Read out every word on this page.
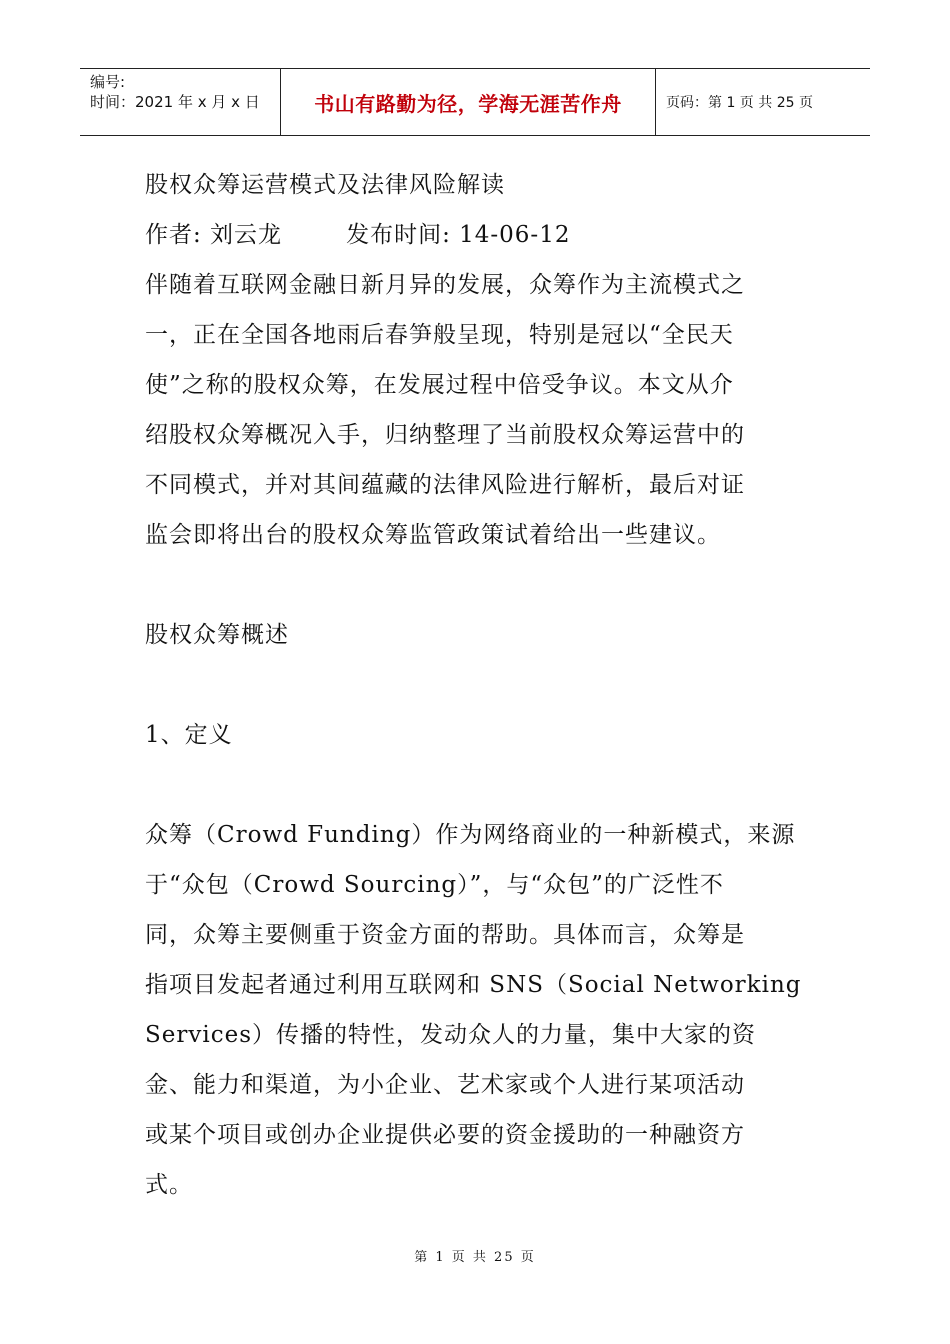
编号:
时间：2021 年 x 月 x 日	书山有路勤为径，学海无涯苦作舟	页码：第 1 页 共 25 页

股权众筹运营模式及法律风险解读

作者: 刘云龙	发布时间: 14-06-12

伴随着互联网金融日新月异的发展，众筹作为主流模式之

一，正在全国各地雨后春笋般呈现，特别是冠以“全民天

使”之称的股权众筹，在发展过程中倍受争议。本文从介

绍股权众筹概况入手，归纳整理了当前股权众筹运营中的

不同模式，并对其间蕴藏的法律风险进行解析，最后对证

监会即将出台的股权众筹监管政策试着给出一些建议。

股权众筹概述

1、定义

众筹（Crowd Funding）作为网络商业的一种新模式，来源

于“众包（Crowd Sourcing）”，与“众包”的广泛性不

同，众筹主要侧重于资金方面的帮助。具体而言，众筹是

指项目发起者通过利用互联网和 SNS（Social Networking

Services）传播的特性，发动众人的力量，集中大家的资

金、能力和渠道，为小企业、艺术家或个人进行某项活动

或某个项目或创办企业提供必要的资金援助的一种融资方

式。

第 1 页 共 25 页
